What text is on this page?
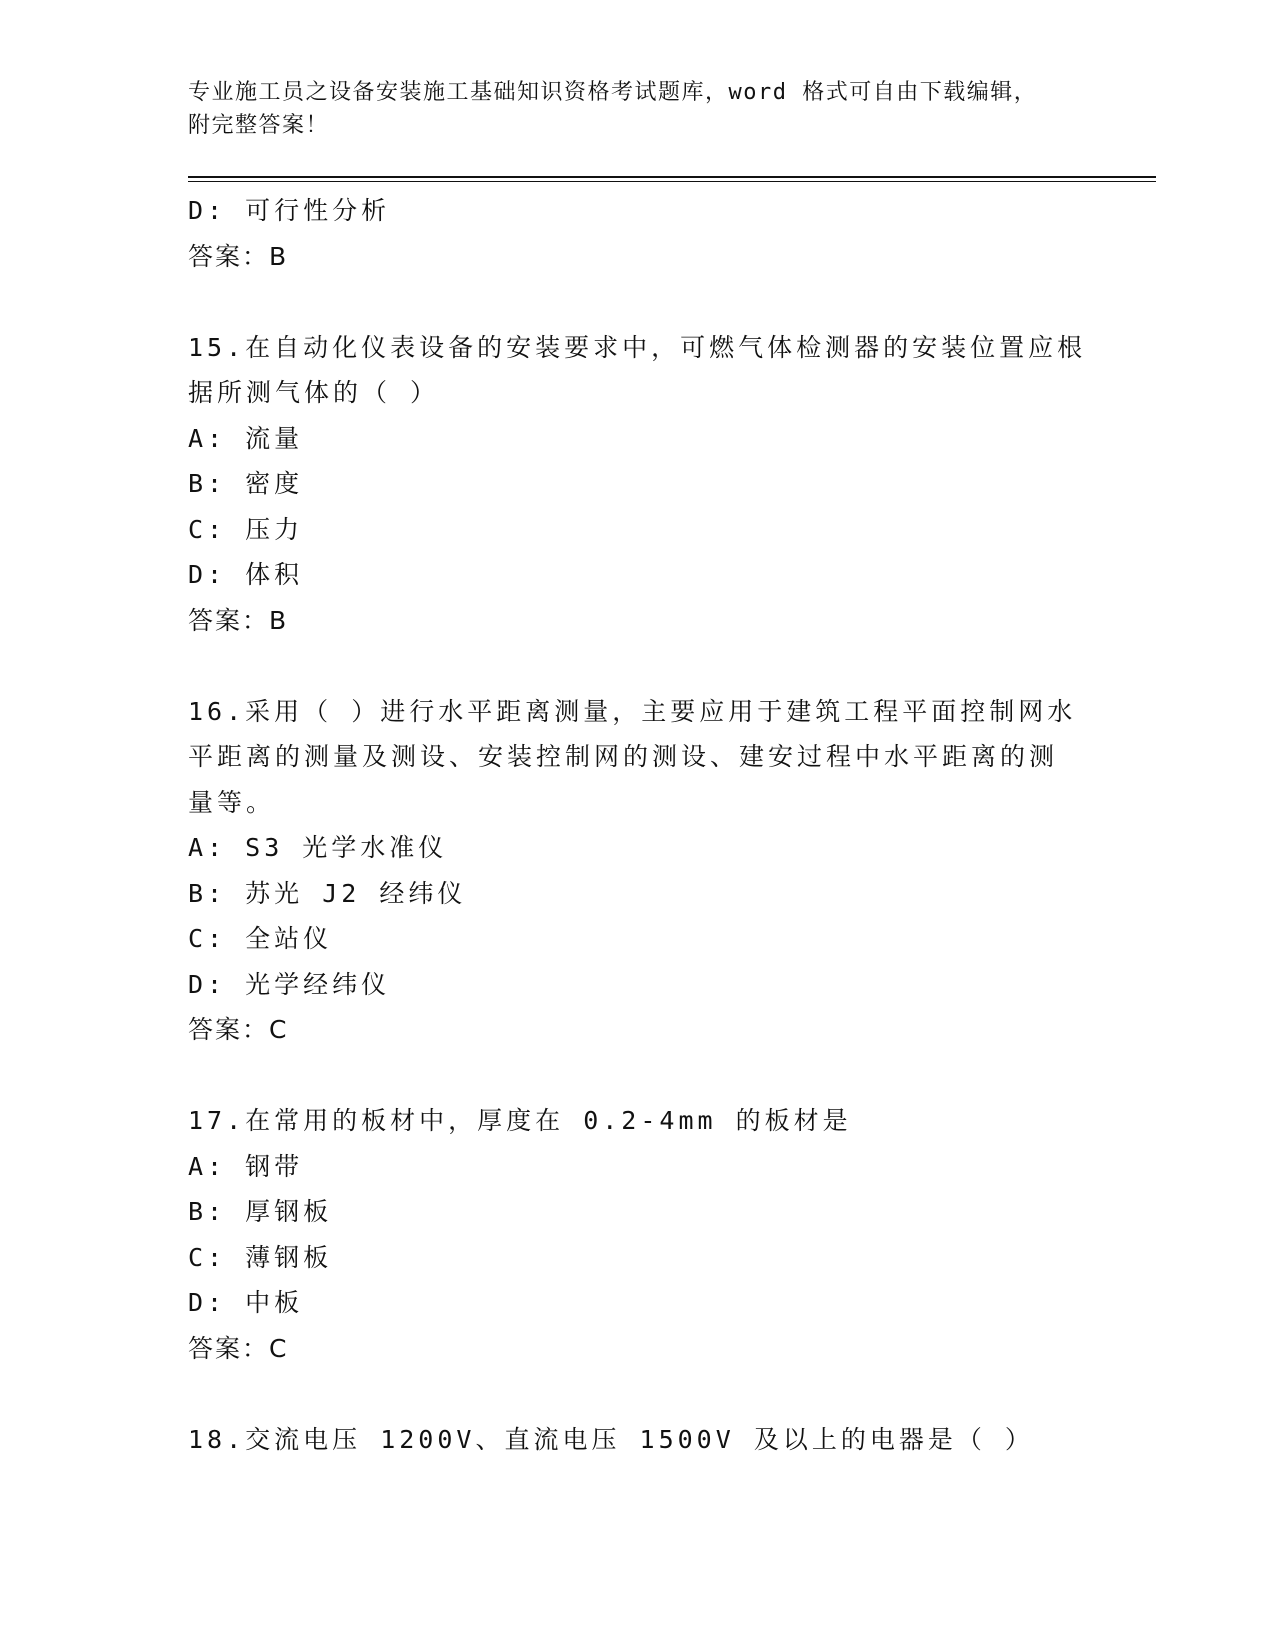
专业施工员之设备安装施工基础知识资格考试题库，word 格式可自由下载编辑，
附完整答案！
D: 可行性分析
答案：B
15.在自动化仪表设备的安装要求中，可燃气体检测器的安装位置应根
据所测气体的（ ）
A: 流量
B: 密度
C: 压力
D: 体积
答案：B
16.采用（ ）进行水平距离测量，主要应用于建筑工程平面控制网水
平距离的测量及测设、安装控制网的测设、建安过程中水平距离的测
量等。
A: S3 光学水准仪
B: 苏光 J2 经纬仪
C: 全站仪
D: 光学经纬仪
答案：C
17.在常用的板材中，厚度在 0.2-4mm 的板材是
A: 钢带
B: 厚钢板
C: 薄钢板
D: 中板
答案：C
18.交流电压 1200V、直流电压 1500V 及以上的电器是（ ）
